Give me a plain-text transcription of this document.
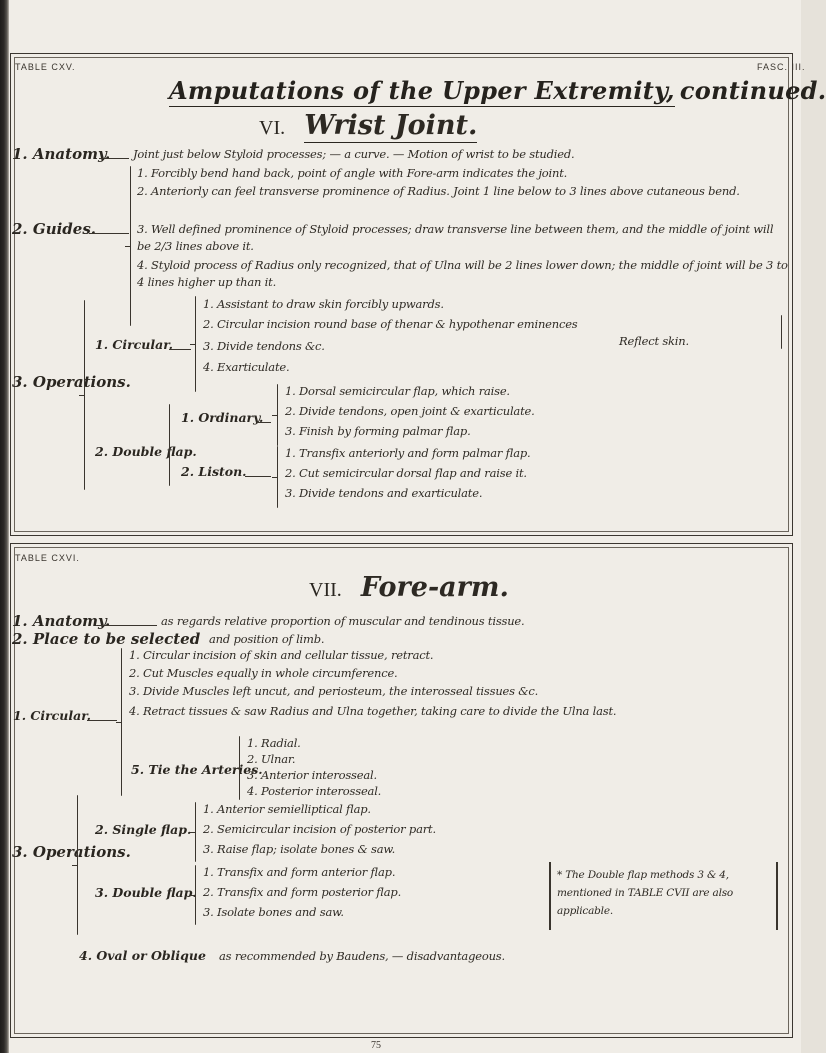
TABLE CXV.	FASC. III.
Amputations of the Upper Extremity, continued.
VI. Wrist Joint.
1. Anatomy. Joint just below Styloid processes; — a curve. — Motion of wrist to be studied.
1. Forcibly bend hand back, point of angle with Fore-arm indicates the joint.
2. Anteriorly can feel transverse prominence of Radius. Joint 1 line below to 3 lines above cutaneous bend.
2. Guides.	3. Well defined prominence of Styloid processes; draw transverse line between them, and the middle of joint will be 2/3 lines above it.
4. Styloid process of Radius only recognized, that of Ulna will be 2 lines lower down; the middle of joint will be 3 to 4 lines higher up than it.
3. Operations.
1. Circular.
1. Assistant to draw skin forcibly upwards.
2. Circular incision round base of thenar & hypothenar eminences
Reflect skin.
3. Divide tendons &c.
4. Exarticulate.
2. Double flap.
1. Ordinary.
1. Dorsal semicircular flap, which raise.
2. Divide tendons, open joint & exarticulate.
3. Finish by forming palmar flap.
2. Liston.
1. Transfix anteriorly and form palmar flap.
2. Cut semicircular dorsal flap and raise it.
3. Divide tendons and exarticulate.
TABLE CXVI.
VII. Fore-arm.
1. Anatomy.	as regards relative proportion of muscular and tendinous tissue.
2. Place to be selected and position of limb.
3. Operations.
1. Circular.
1. Circular incision of skin and cellular tissue, retract.
2. Cut Muscles equally in whole circumference.
3. Divide Muscles left uncut, and periosteum, the interosseal tissues &c.
4. Retract tissues & saw Radius and Ulna together, taking care to divide the Ulna last.
5. Tie the Arteries.
1. Radial.
2. Ulnar.
3. Anterior interosseal.
4. Posterior interosseal.
2. Single flap.
1. Anterior semielliptical flap.
2. Semicircular incision of posterior part.
3. Raise flap; isolate bones & saw.
3. Double flap.
1. Transfix and form anterior flap.
2. Transfix and form posterior flap.
3. Isolate bones and saw.
* The Double flap methods 3 & 4, mentioned in TABLE CVII are also applicable.
4. Oval or Oblique as recommended by Baudens, — disadvantageous.
75
